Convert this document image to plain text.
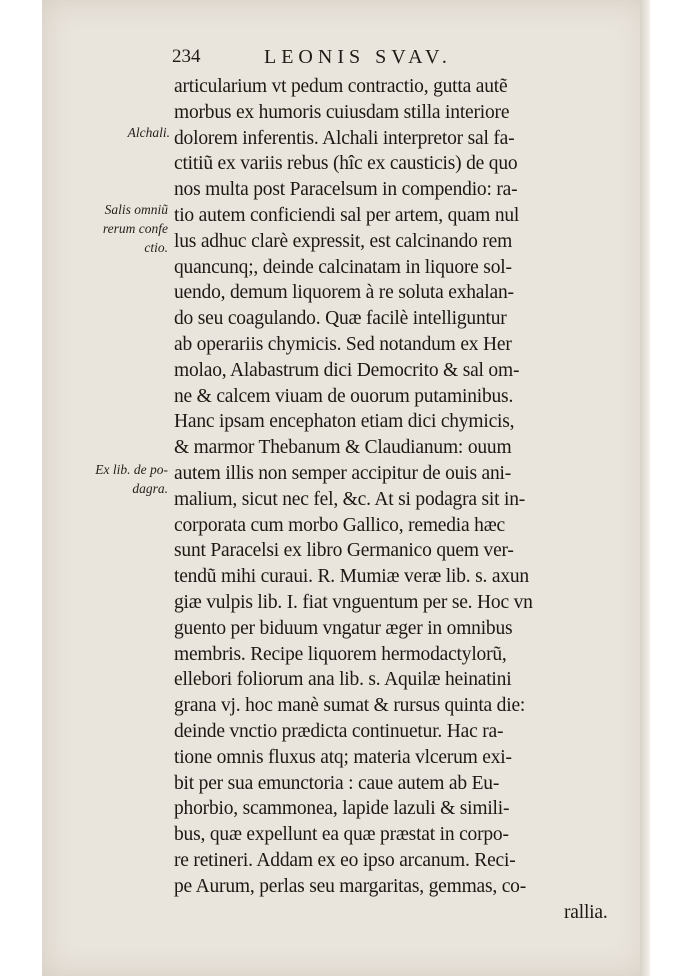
234	LEONIS SVAV.
Alchali.
Salis omniũ
rerum confe
ctio.
Ex lib. de po-
dagra.
articularium vt pedum contractio, gutta autẽ
morbus ex humoris cuiusdam stilla interiore
dolorem inferentis. Alchali interpretor sal fa-
ctitiũ ex variis rebus (hîc ex causticis) de quo
nos multa post Paracelsum in compendio: ra-
tio autem conficiendi sal per artem, quam nul
lus adhuc clarè expressit, est calcinando rem
quancunq;, deinde calcinatam in liquore sol-
uendo, demum liquorem à re soluta exhalan-
do seu coagulando. Quæ facilè intelliguntur
ab operariis chymicis. Sed notandum ex Her
molao, Alabastrum dici Democrito & sal om-
ne & calcem viuam de ouorum putaminibus.
Hanc ipsam encephaton etiam dici chymicis,
& marmor Thebanum & Claudianum: ouum
autem illis non semper accipitur de ouis ani-
malium, sicut nec fel, &c. At si podagra sit in-
corporata cum morbo Gallico, remedia hæc
sunt Paracelsi ex libro Germanico quem ver-
tendũ mihi curaui. R. Mumiæ veræ lib. s. axun
giæ vulpis lib. I. fiat vnguentum per se. Hoc vn
guento per biduum vngatur æger in omnibus
membris. Recipe liquorem hermodactylorũ,
ellebori foliorum ana lib. s. Aquilæ heinatini
grana vj. hoc manè sumat & rursus quinta die:
deinde vnctio prædicta continuetur. Hac ra-
tione omnis fluxus atq; materia vlcerum exi-
bit per sua emunctoria : caue autem ab Eu-
phorbio, scammonea, lapide lazuli & simili-
bus, quæ expellunt ea quæ præstat in corpo-
re retineri. Addam ex eo ipso arcanum. Reci-
pe Aurum, perlas seu margaritas, gemmas, co-
rallia.
